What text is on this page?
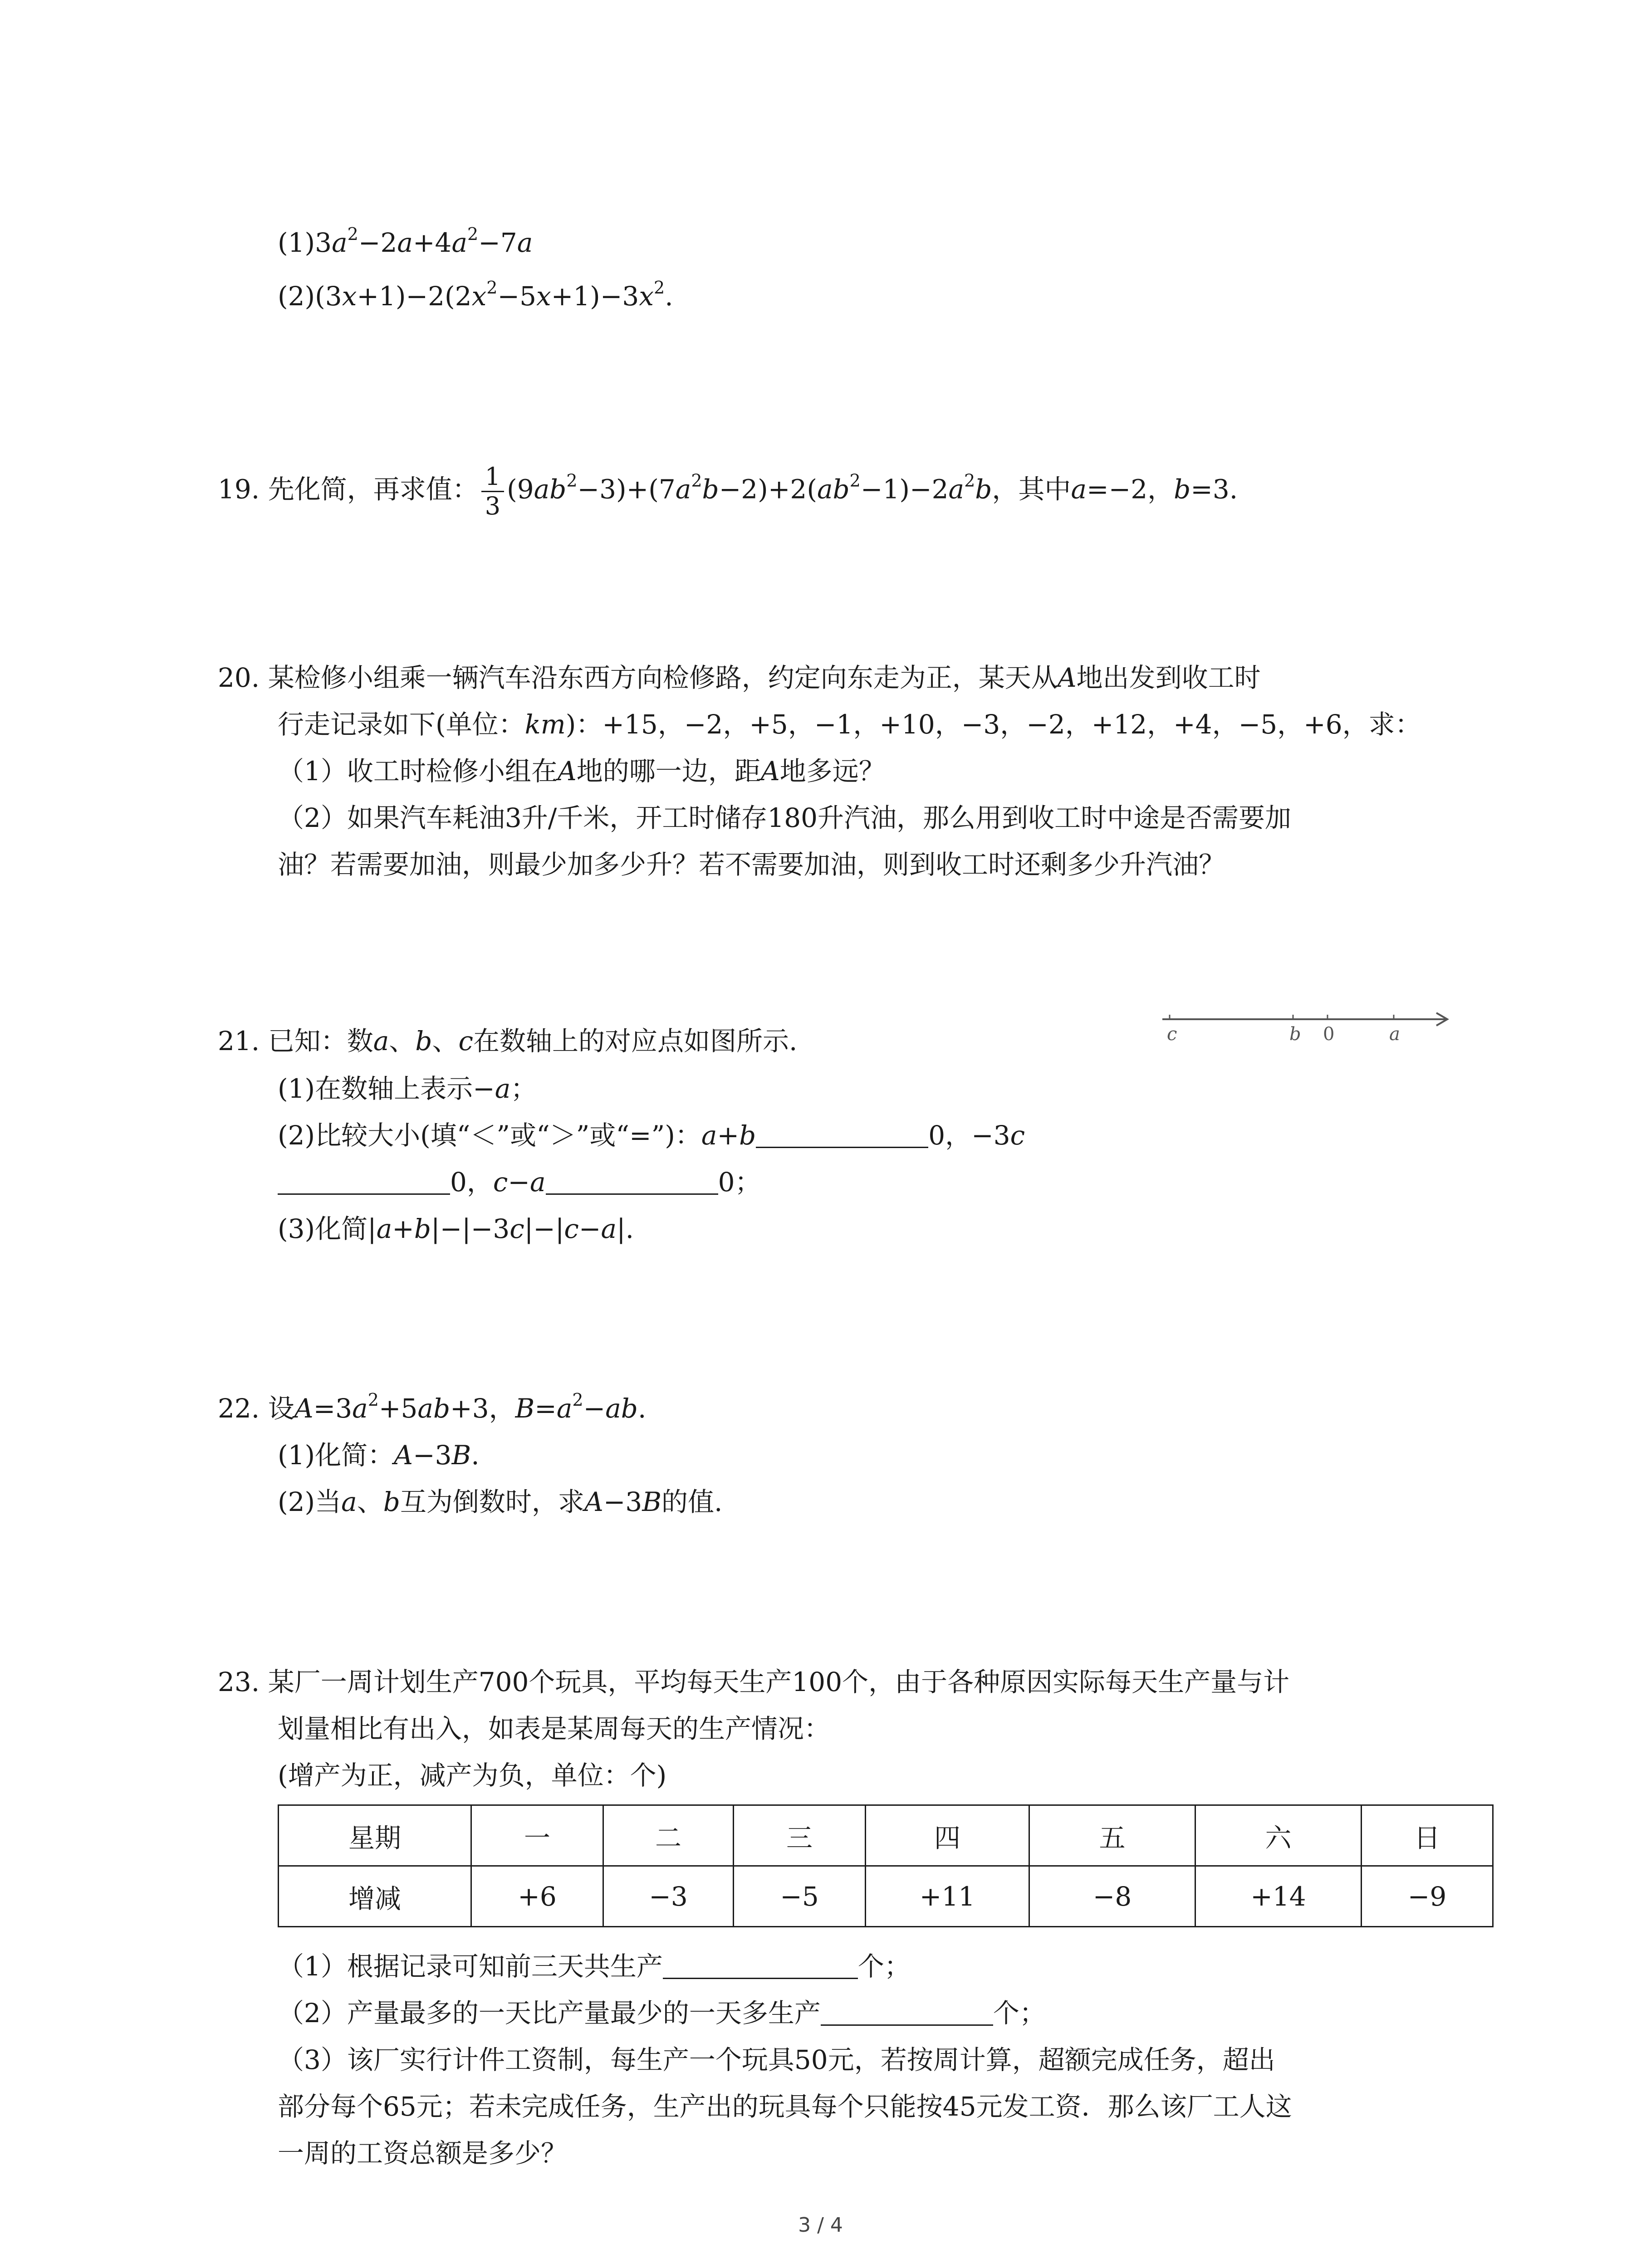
$(1)3a^2-2a+4a^2-7a$
$(2)(3x+1)-2(2x^2-5x+1)-3x^2$.
19. 先化简，再求值： $\frac{1}{3} (9ab^2-3)+(7a^2b-2)+2(ab^2-1)-2a^2b$，其中a=−2，b=3.
20. 某检修小组乘一辆汽车沿东西方向检修路，约定向东走为正，某天从A地出发到收工时
行走记录如下(单位：km)：+15，−2，+5，−1，+10，−3，−2，+12，+4，−5，+6，求：
（1）收工时检修小组在A地的哪一边，距A地多远？
（2）如果汽车耗油3升/千米，开工时储存180升汽油，那么用到收工时中途是否需要加
油？若需要加油，则最少加多少升？若不需要加油，则到收工时还剩多少升汽油？
21. 已知：数a、b、c在数轴上的对应点如图所示.	c	b 0	a
(1)在数轴上表示−a；
(2)比较大小(填“＜”或“＞”或“=”)：a+b	0，−3c
0，c−a	0；
(3)化简|a+b|−|−3c|−|c−a|.
22. 设$A=3a^2+5ab+3$，$B=a^2-ab$.
(1)化简：A−3B.
(2)当a、b互为倒数时，求A−3B的值.
23. 某厂一周计划生产700个玩具，平均每天生产100个，由于各种原因实际每天生产量与计
划量相比有出入，如表是某周每天的生产情况：
(增产为正，减产为负，单位：个)
星期	一	二	三	四	五	六	日
增减	+6	−3	−5	+11	−8	+14	−9
（1）根据记录可知前三天共生产	个；
（2）产量最多的一天比产量最少的一天多生产	个；
（3）该厂实行计件工资制，每生产一个玩具50元，若按周计算，超额完成任务，超出
部分每个65元；若未完成任务，生产出的玩具每个只能按45元发工资．那么该厂工人这
一周的工资总额是多少？
3 / 4
